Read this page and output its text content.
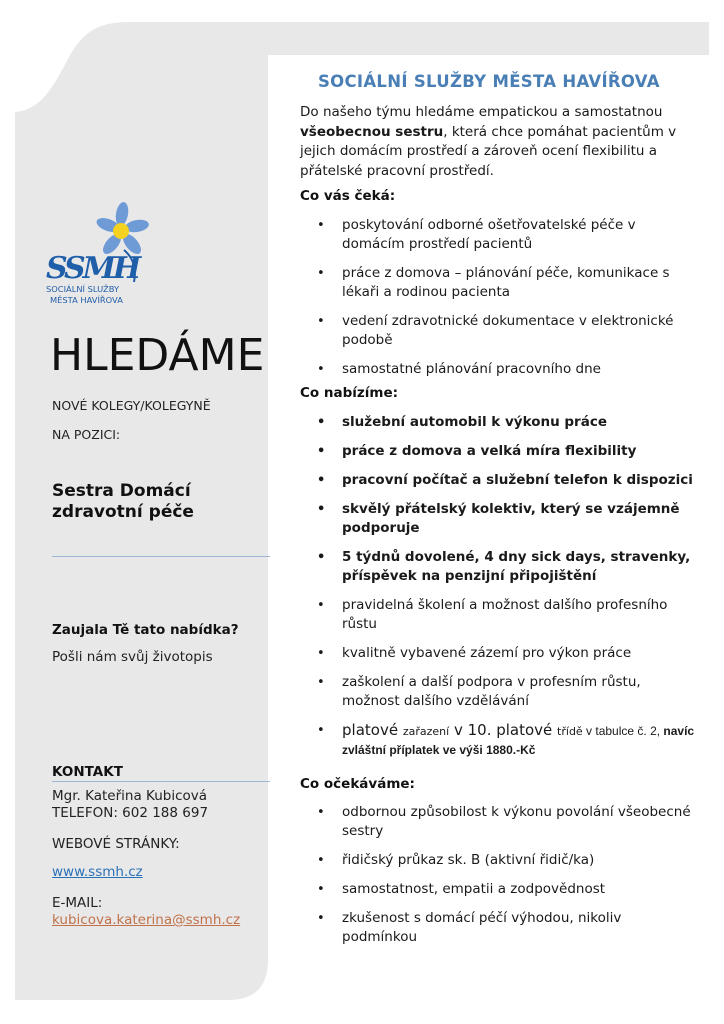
SSMH
SOCIÁLNÍ SLUŽBY
MĚSTA HAVÍŘOVA
HLEDÁME
NOVÉ KOLEGY/KOLEGYNĚ
NA POZICI:
Sestra Domácí
zdravotní péče
Zaujala Tě tato nabídka?
Pošli nám svůj životopis
KONTAKT
Mgr. Kateřina Kubicová
TELEFON: 602 188 697
WEBOVÉ STRÁNKY:
www.ssmh.cz
E-MAIL:
kubicova.katerina@ssmh.cz
SOCIÁLNÍ SLUŽBY MĚSTA HAVÍŘOVA
Do našeho týmu hledáme empatickou a samostatnou všeobecnou sestru, která chce pomáhat pacientům v jejich domácím prostředí a zároveň ocení flexibilitu a přátelské pracovní prostředí.
Co vás čeká:
• poskytování odborné ošetřovatelské péče v domácím prostředí pacientů
• práce z domova – plánování péče, komunikace s lékaři a rodinou pacienta
• vedení zdravotnické dokumentace v elektronické podobě
• samostatné plánování pracovního dne
Co nabízíme:
• služební automobil k výkonu práce
• práce z domova a velká míra flexibility
• pracovní počítač a služební telefon k dispozici
• skvělý přátelský kolektiv, který se vzájemně podporuje
• 5 týdnů dovolené, 4 dny sick days, stravenky, příspěvek na penzijní připojištění
• pravidelná školení a možnost dalšího profesního růstu
• kvalitně vybavené zázemí pro výkon práce
• zaškolení a další podpora v profesním růstu, možnost dalšího vzdělávání
• platové zařazení v 10. platové třídě v tabulce č. 2, navíc zvláštní příplatek ve výši 1880.-Kč
Co očekáváme:
• odbornou způsobilost k výkonu povolání všeobecné sestry
• řidičský průkaz sk. B (aktivní řidič/ka)
• samostatnost, empatii a zodpovědnost
• zkušenost s domácí péčí výhodou, nikoliv podmínkou
